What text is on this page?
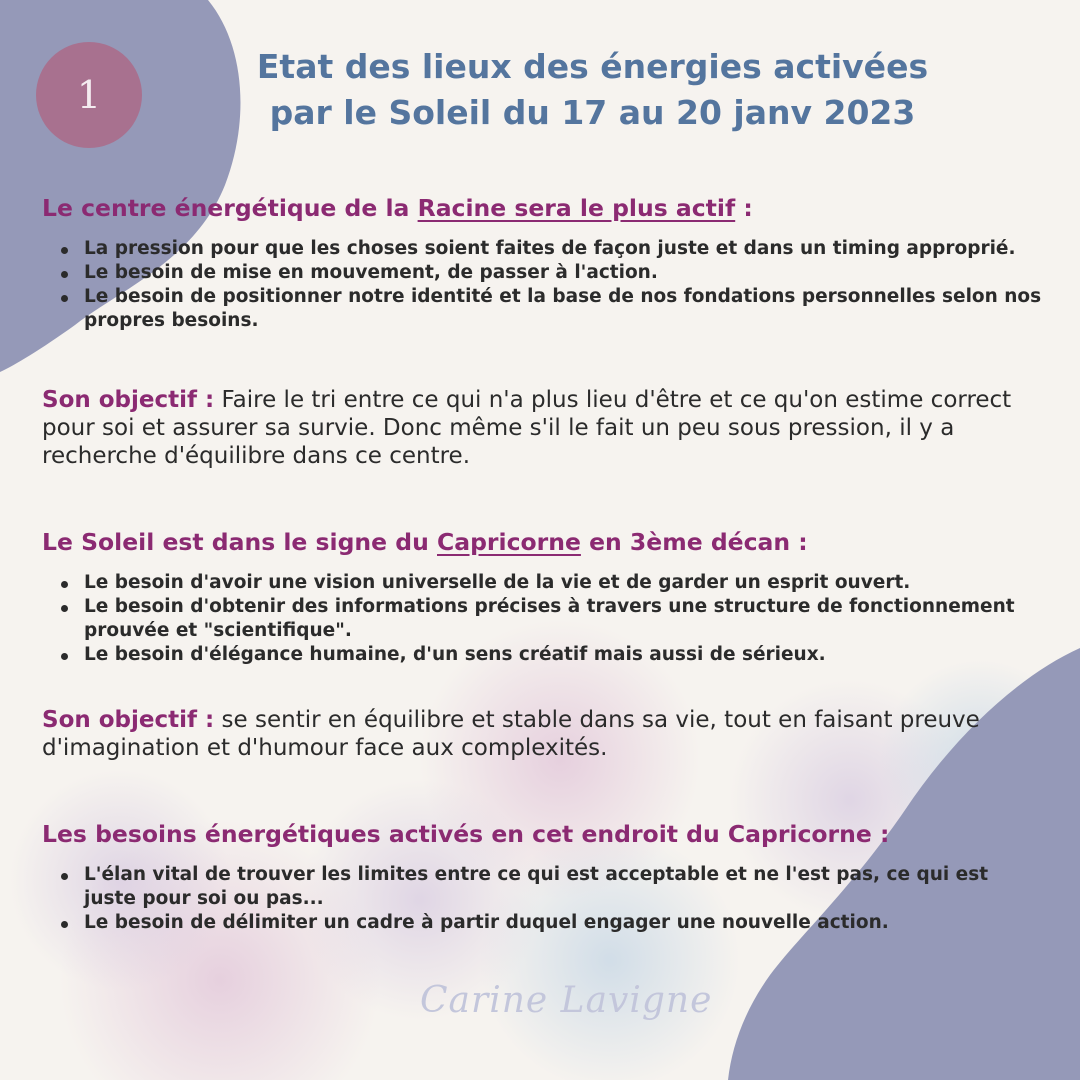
1
Etat des lieux des énergies activées
par le Soleil du 17 au 20 janv 2023
Le centre énergétique de la Racine sera le plus actif :
La pression pour que les choses soient faites de façon juste et dans un timing approprié.
Le besoin de mise en mouvement, de passer à l'action.
Le besoin de positionner notre identité et la base de nos fondations personnelles selon nos propres besoins.
Son objectif : Faire le tri entre ce qui n'a plus lieu d'être et ce qu'on estime correct pour soi et assurer sa survie. Donc même s'il le fait un peu sous pression, il y a recherche d'équilibre dans ce centre.
Le Soleil est dans le signe du Capricorne en 3ème décan :
Le besoin d'avoir une vision universelle de la vie et de garder un esprit ouvert.
Le besoin d'obtenir des informations précises à travers une structure de fonctionnement prouvée et "scientifique".
Le besoin d'élégance humaine, d'un sens créatif mais aussi de sérieux.
Son objectif : se sentir en équilibre et stable dans sa vie, tout en faisant preuve d'imagination et d'humour face aux complexités.
Les besoins énergétiques activés en cet endroit du Capricorne :
L'élan vital de trouver les limites entre ce qui est acceptable et ne l'est pas, ce qui est juste pour soi ou pas...
Le besoin de délimiter un cadre à partir duquel engager une nouvelle action.
Carine Lavigne
